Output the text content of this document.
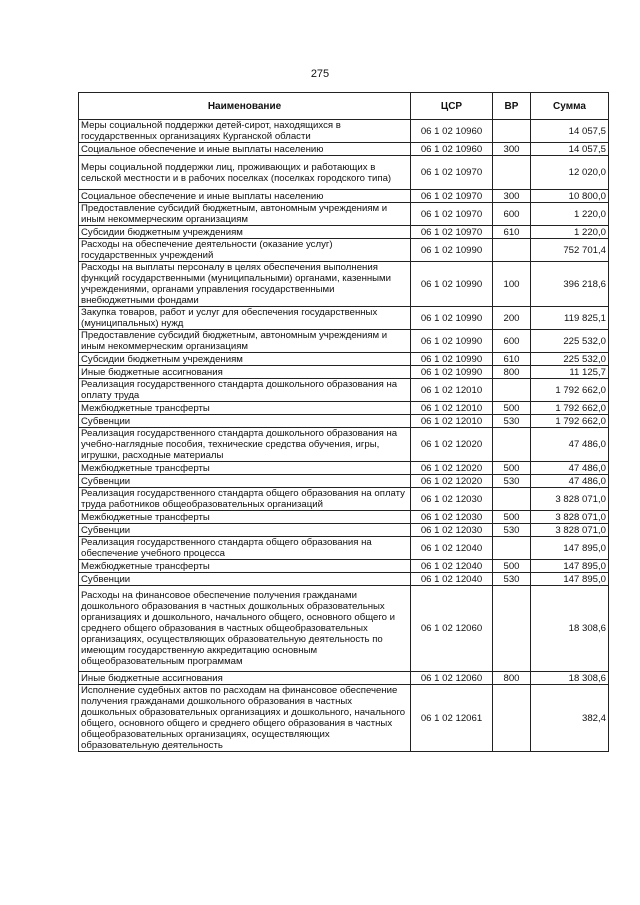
275
Наименование	ЦСР	ВР	Сумма
Меры социальной поддержки детей-сирот, находящихся в государственных организациях Курганской области	06 1 02 10960		14 057,5
Социальное обеспечение и иные выплаты населению	06 1 02 10960	300	14 057,5
Меры социальной поддержки лиц, проживающих и работающих в сельской местности и в рабочих поселках (поселках городского типа)	06 1 02 10970		12 020,0
Социальное обеспечение и иные выплаты населению	06 1 02 10970	300	10 800,0
Предоставление субсидий бюджетным, автономным учреждениям и иным некоммерческим организациям	06 1 02 10970	600	1 220,0
Субсидии бюджетным учреждениям	06 1 02 10970	610	1 220,0
Расходы на обеспечение деятельности (оказание услуг) государственных учреждений	06 1 02 10990		752 701,4
Расходы на выплаты персоналу в целях обеспечения выполнения функций государственными (муниципальными) органами, казенными учреждениями, органами управления государственными внебюджетными фондами	06 1 02 10990	100	396 218,6
Закупка товаров, работ и услуг для обеспечения государственных (муниципальных) нужд	06 1 02 10990	200	119 825,1
Предоставление субсидий бюджетным, автономным учреждениям и иным некоммерческим организациям	06 1 02 10990	600	225 532,0
Субсидии бюджетным учреждениям	06 1 02 10990	610	225 532,0
Иные бюджетные ассигнования	06 1 02 10990	800	11 125,7
Реализация государственного стандарта дошкольного образования на оплату труда	06 1 02 12010		1 792 662,0
Межбюджетные трансферты	06 1 02 12010	500	1 792 662,0
Субвенции	06 1 02 12010	530	1 792 662,0
Реализация государственного стандарта дошкольного образования на учебно-наглядные пособия, технические средства обучения, игры, игрушки, расходные материалы	06 1 02 12020		47 486,0
Межбюджетные трансферты	06 1 02 12020	500	47 486,0
Субвенции	06 1 02 12020	530	47 486,0
Реализация государственного стандарта общего образования на оплату труда работников общеобразовательных организаций	06 1 02 12030		3 828 071,0
Межбюджетные трансферты	06 1 02 12030	500	3 828 071,0
Субвенции	06 1 02 12030	530	3 828 071,0
Реализация государственного стандарта общего образования на обеспечение учебного процесса	06 1 02 12040		147 895,0
Межбюджетные трансферты	06 1 02 12040	500	147 895,0
Субвенции	06 1 02 12040	530	147 895,0
Расходы на финансовое обеспечение получения гражданами дошкольного образования в частных дошкольных образовательных организациях и дошкольного, начального общего, основного общего и среднего общего образования в частных общеобразовательных организациях, осуществляющих образовательную деятельность по имеющим государственную аккредитацию основным общеобразовательным программам	06 1 02 12060		18 308,6
Иные бюджетные ассигнования	06 1 02 12060	800	18 308,6
Исполнение судебных актов по расходам на финансовое обеспечение получения гражданами дошкольного образования в частных дошкольных образовательных организациях и дошкольного, начального общего, основного общего и среднего общего образования в частных общеобразовательных организациях, осуществляющих образовательную деятельность	06 1 02 12061		382,4
